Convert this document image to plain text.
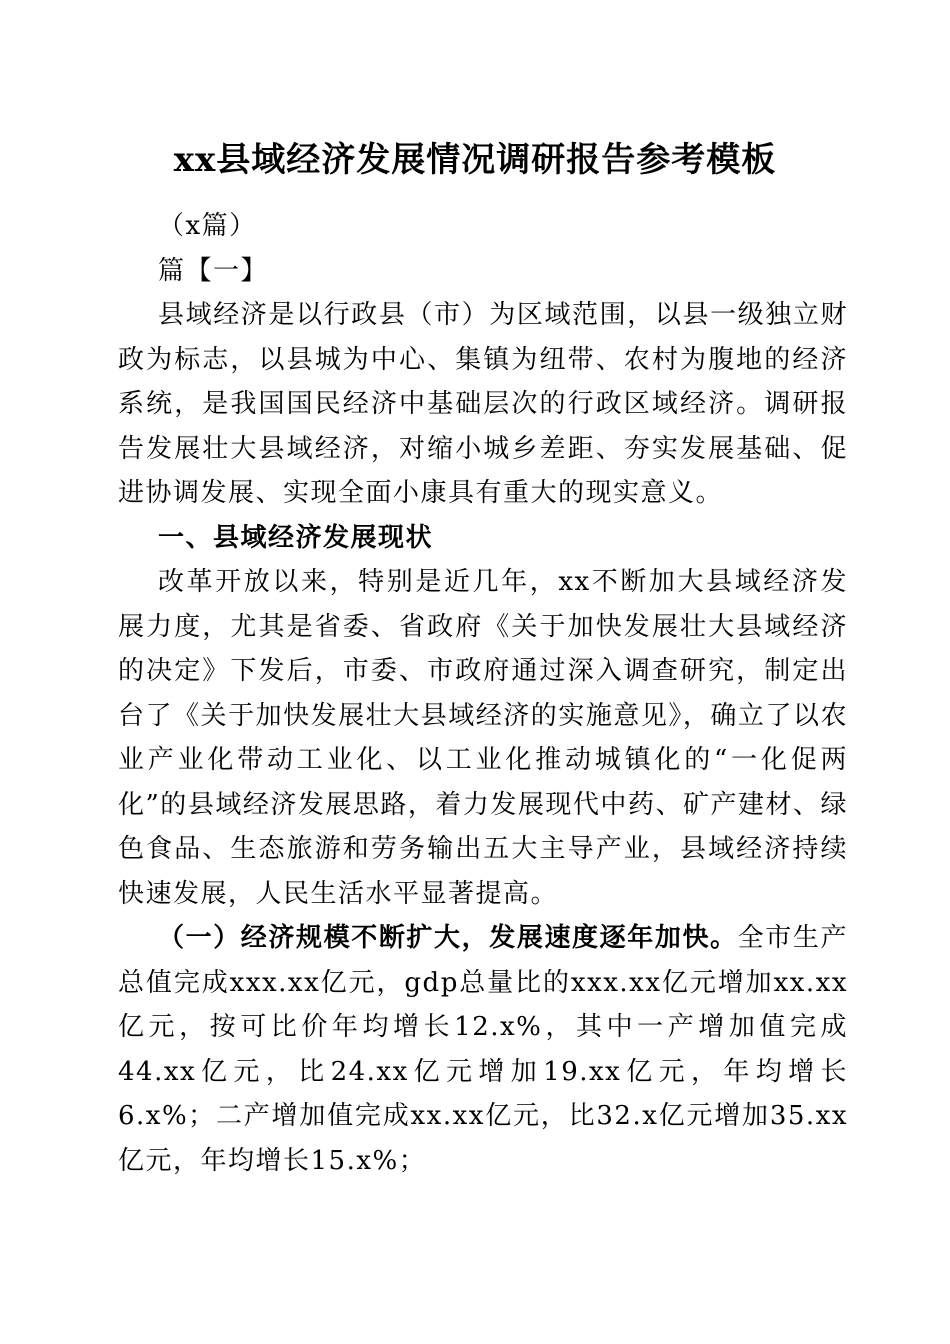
xx县域经济发展情况调研报告参考模板

（x篇）

篇【一】

县域经济是以行政县（市）为区域范围，以县一级独立财政为标志，以县城为中心、集镇为纽带、农村为腹地的经济系统，是我国国民经济中基础层次的行政区域经济。调研报告发展壮大县域经济，对缩小城乡差距、夯实发展基础、促进协调发展、实现全面小康具有重大的现实意义。

一、县域经济发展现状

改革开放以来，特别是近几年，xx不断加大县域经济发展力度，尤其是省委、省政府《关于加快发展壮大县域经济的决定》下发后，市委、市政府通过深入调查研究，制定出台了《关于加快发展壮大县域经济的实施意见》，确立了以农业产业化带动工业化、以工业化推动城镇化的“一化促两化”的县域经济发展思路，着力发展现代中药、矿产建材、绿色食品、生态旅游和劳务输出五大主导产业，县域经济持续快速发展，人民生活水平显著提高。

（一）经济规模不断扩大，发展速度逐年加快。全市生产总值完成xxx.xx亿元，gdp总量比的xxx.xx亿元增加xx.xx亿元，按可比价年均增长12.x%，其中一产增加值完成44.xx亿元，比24.xx亿元增加19.xx亿元，年均增长6.x%；二产增加值完成xx.xx亿元，比32.x亿元增加35.xx亿元，年均增长15.x%；
